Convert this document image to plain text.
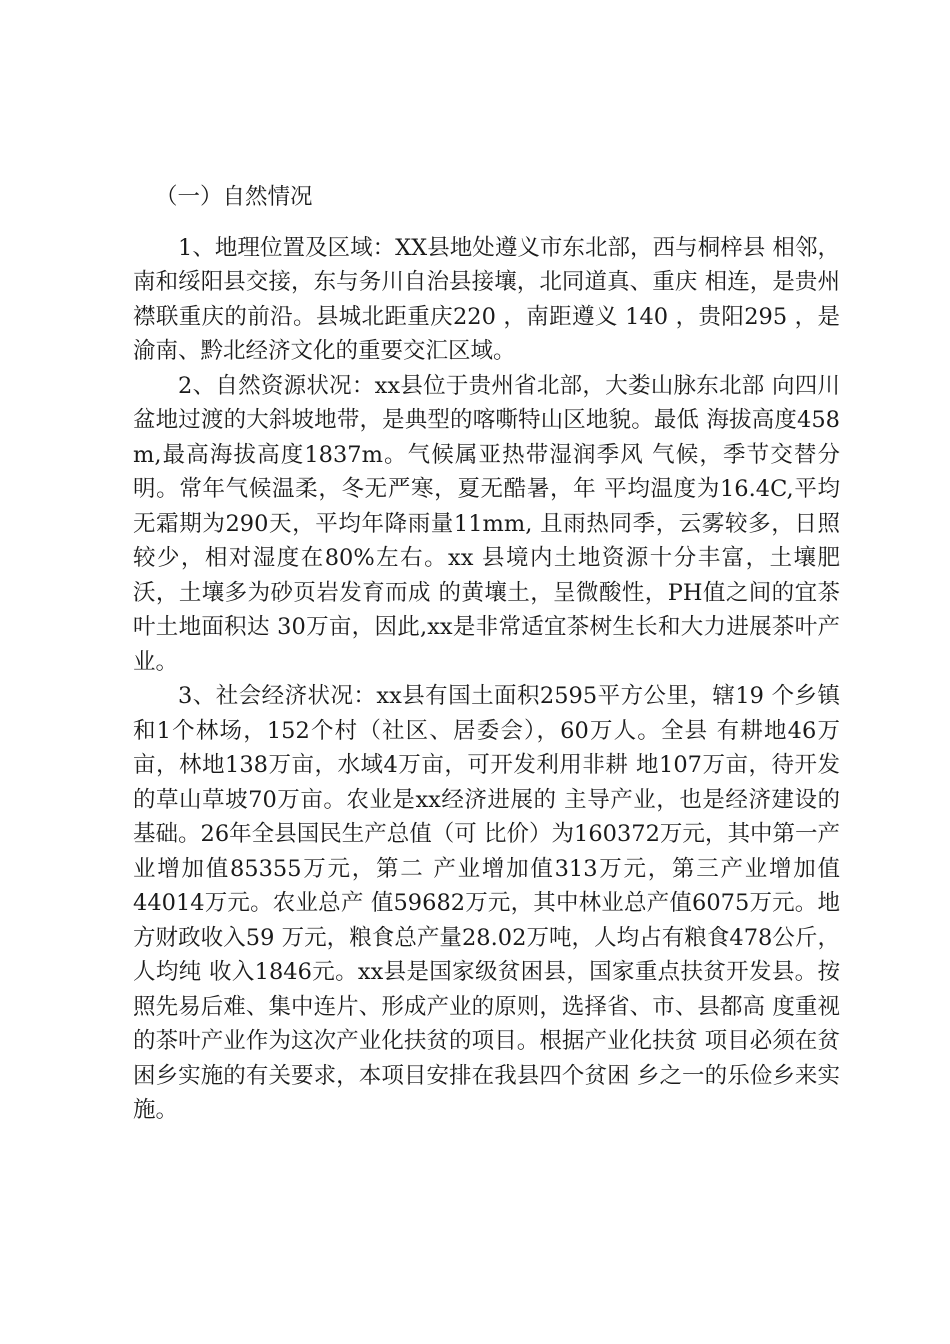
（一）自然情况

1、地理位置及区域：XX县地处遵义市东北部，西与桐梓县 相邻，南和绥阳县交接，东与务川自治县接壤，北同道真、重庆 相连，是贵州襟联重庆的前沿。县城北距重庆220 ，南距遵义 140 ，贵阳295 ，是渝南、黔北经济文化的重要交汇区域。

2、自然资源状况：xx县位于贵州省北部，大娄山脉东北部 向四川盆地过渡的大斜坡地带，是典型的喀嘶特山区地貌。最低 海拔高度458 m,最高海拔高度1837m。气候属亚热带湿润季风 气候，季节交替分明。常年气候温柔，冬无严寒，夏无酷暑，年 平均温度为16.4C,平均无霜期为290天，平均年降雨量11mm, 且雨热同季，云雾较多，日照较少，相对湿度在80%左右。xx 县境内土地资源十分丰富，土壤肥沃，土壤多为砂页岩发育而成 的黄壤土，呈微酸性，PH值之间的宜茶叶土地面积达 30万亩，因此,xx是非常适宜茶树生长和大力进展茶叶产业。

3、社会经济状况：xx县有国土面积2595平方公里，辖19 个乡镇和1个林场，152个村（社区、居委会），60万人。全县 有耕地46万亩，林地138万亩，水域4万亩，可开发利用非耕 地107万亩，待开发的草山草坡70万亩。农业是xx经济进展的 主导产业，也是经济建设的基础。26年全县国民生产总值（可 比价）为160372万元，其中第一产业增加值85355万元，第二 产业增加值313万元，第三产业增加值44014万元。农业总产 值59682万元，其中林业总产值6075万元。地方财政收入59 万元，粮食总产量28.02万吨，人均占有粮食478公斤，人均纯 收入1846元。xx县是国家级贫困县，国家重点扶贫开发县。按 照先易后难、集中连片、形成产业的原则，选择省、市、县都高 度重视的茶叶产业作为这次产业化扶贫的项目。根据产业化扶贫 项目必须在贫困乡实施的有关要求，本项目安排在我县四个贫困 乡之一的乐俭乡来实施。
